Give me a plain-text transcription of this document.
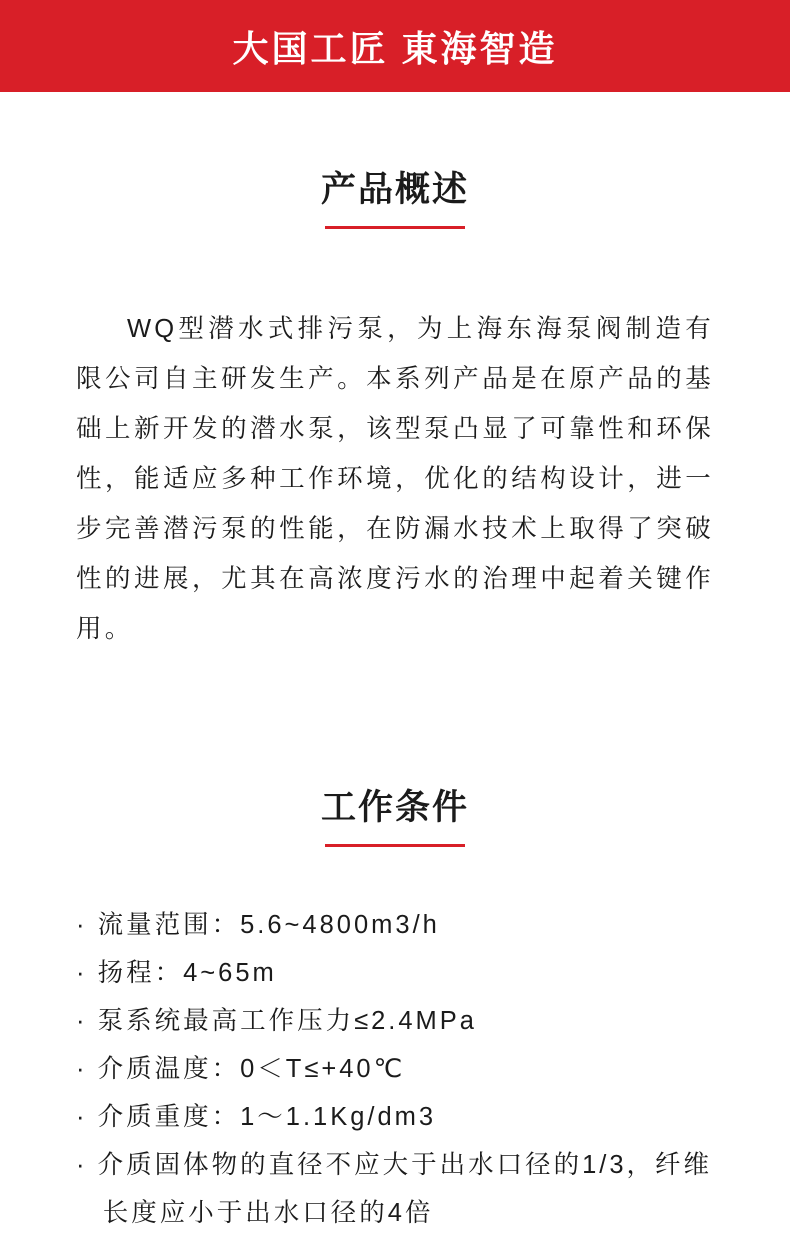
大国工匠 東海智造
产品概述

WQ型潜水式排污泵，为上海东海泵阀制造有限公司自主研发生产。本系列产品是在原产品的基础上新开发的潜水泵，该型泵凸显了可靠性和环保性，能适应多种工作环境，优化的结构设计，进一步完善潜污泵的性能，在防漏水技术上取得了突破性的进展，尤其在高浓度污水的治理中起着关键作用。

工作条件
· 流量范围：5.6~4800m3/h
· 扬程：4~65m
· 泵系统最高工作压力≤2.4MPa
· 介质温度：0＜T≤+40℃
· 介质重度：1～1.1Kg/dm3
· 介质固体物的直径不应大于出水口径的1/3，纤维长度应小于出水口径的4倍
